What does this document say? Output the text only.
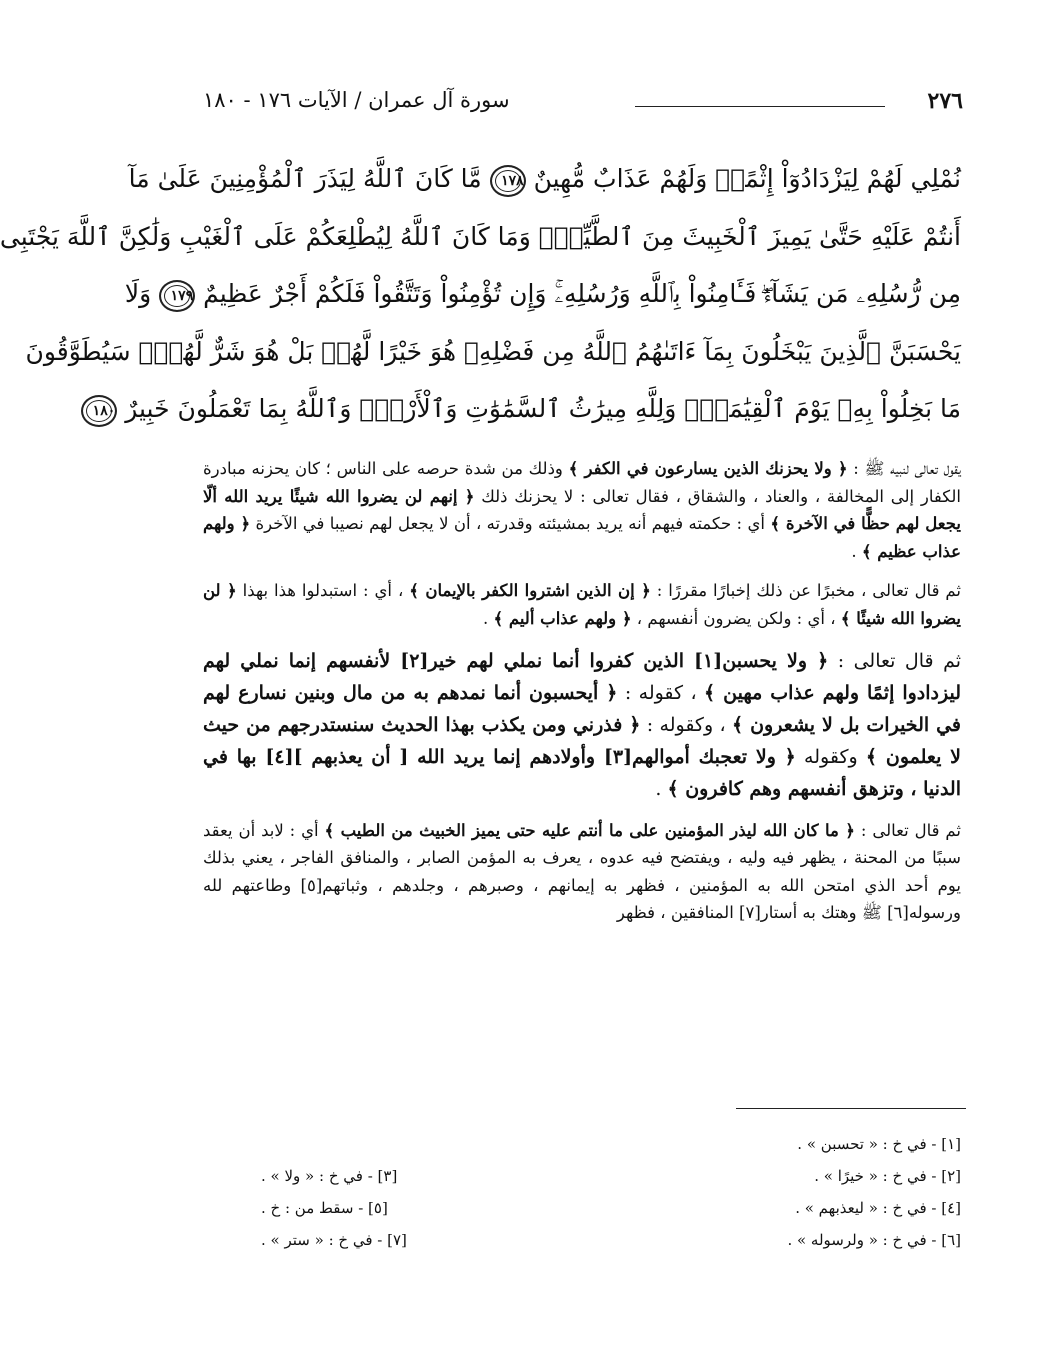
٢٧٦
سورة آل عمران / الآيات ١٧٦ - ١٨٠
نُمْلِي لَهُمْ لِيَزْدَادُوٓاْ إِثْمًاۚ وَلَهُمْ عَذَابٌ مُّهِينٌ ١٧٨ مَّا كَانَ ٱللَّهُ لِيَذَرَ ٱلْمُؤْمِنِينَ عَلَىٰ مَآ
أَنتُمْ عَلَيْهِ حَتَّىٰ يَمِيزَ ٱلْخَبِيثَ مِنَ ٱلطَّيِّبِۗ وَمَا كَانَ ٱللَّهُ لِيُطْلِعَكُمْ عَلَى ٱلْغَيْبِ وَلَٰكِنَّ ٱللَّهَ يَجْتَبِى
مِن رُّسُلِهِۦ مَن يَشَآءُۖ فَـَٔامِنُواْ بِٱللَّهِ وَرُسُلِهِۦۚ وَإِن تُؤْمِنُواْ وَتَتَّقُواْ فَلَكُمْ أَجْرٌ عَظِيمٌ ١٧٩ وَلَا
يَحْسَبَنَّ ٱلَّذِينَ يَبْخَلُونَ بِمَآ ءَاتَىٰهُمُ ٱللَّهُ مِن فَضْلِهِۦ هُوَ خَيْرًا لَّهُمۖ بَلْ هُوَ شَرٌّ لَّهُمْۖ سَيُطَوَّقُونَ
مَا بَخِلُواْ بِهِۦ يَوْمَ ٱلْقِيَٰمَةِۗ وَلِلَّهِ مِيرَٰثُ ٱلسَّمَٰوَٰتِ وَٱلْأَرْضِۗ وَٱللَّهُ بِمَا تَعْمَلُونَ خَبِيرٌ ١٨٠

يقول تعالى لنبيه ﷺ : ﴿ ولا يحزنك الذين يسارعون في الكفر ﴾ وذلك من شدة حرصه على الناس ؛ كان يحزنه مبادرة الكفار إلى المخالفة ، والعناد ، والشقاق ، فقال تعالى : لا يحزنك ذلك ﴿ إنهم لن يضروا الله شيئًا يريد الله ألّا يجعل لهم حظًّا في الآخرة ﴾ أي : حكمته فيهم أنه يريد بمشيئته وقدرته ، أن لا يجعل لهم نصيبا في الآخرة ﴿ ولهم عذاب عظيم ﴾ .

ثم قال تعالى ، مخبرًا عن ذلك إخبارًا مقررًا : ﴿ إن الذين اشتروا الكفر بالإيمان ﴾ ، أي : استبدلوا هذا بهذا ﴿ لن يضروا الله شيئًا ﴾ ، أي : ولكن يضرون أنفسهم ، ﴿ ولهم عذاب أليم ﴾ .

ثم قال تعالى : ﴿ ولا يحسبن[١] الذين كفروا أنما نملي لهم خير[٢] لأنفسهم إنما نملي لهم ليزدادوا إثمًا ولهم عذاب مهين ﴾ ، كقوله : ﴿ أيحسبون أنما نمدهم به من مال وبنين نسارع لهم في الخيرات بل لا يشعرون ﴾ ، وكقوله : ﴿ فذرني ومن يكذب بهذا الحديث سنستدرجهم من حيث لا يعلمون ﴾ وكقوله ﴿ ولا تعجبك أموالهم[٣] وأولادهم إنما يريد الله [ أن يعذبهم ][٤] بها في الدنيا ، وتزهق أنفسهم وهم كافرون ﴾ .

ثم قال تعالى : ﴿ ما كان الله ليذر المؤمنين على ما أنتم عليه حتى يميز الخبيث من الطيب ﴾ أي : لابد أن يعقد سببًا من المحنة ، يظهر فيه وليه ، ويفتضح فيه عدوه ، يعرف به المؤمن الصابر ، والمنافق الفاجر ، يعني بذلك يوم أحد الذي امتحن الله به المؤمنين ، فظهر به إيمانهم ، وصبرهم ، وجلدهم ، وثباتهم[٥] وطاعتهم لله ورسوله[٦] ﷺ وهتك به أستار[٧] المنافقين ، فظهر

[١] - في خ : « تحسبن » .
[٢] - في خ : « خيرًا » .
[٣] - في خ : « ولا » .
[٤] - في خ : « ليعذبهم » .
[٥] - سقط من : خ .
[٦] - في خ : « ولرسوله » .
[٧] - في خ : « ستر » .
